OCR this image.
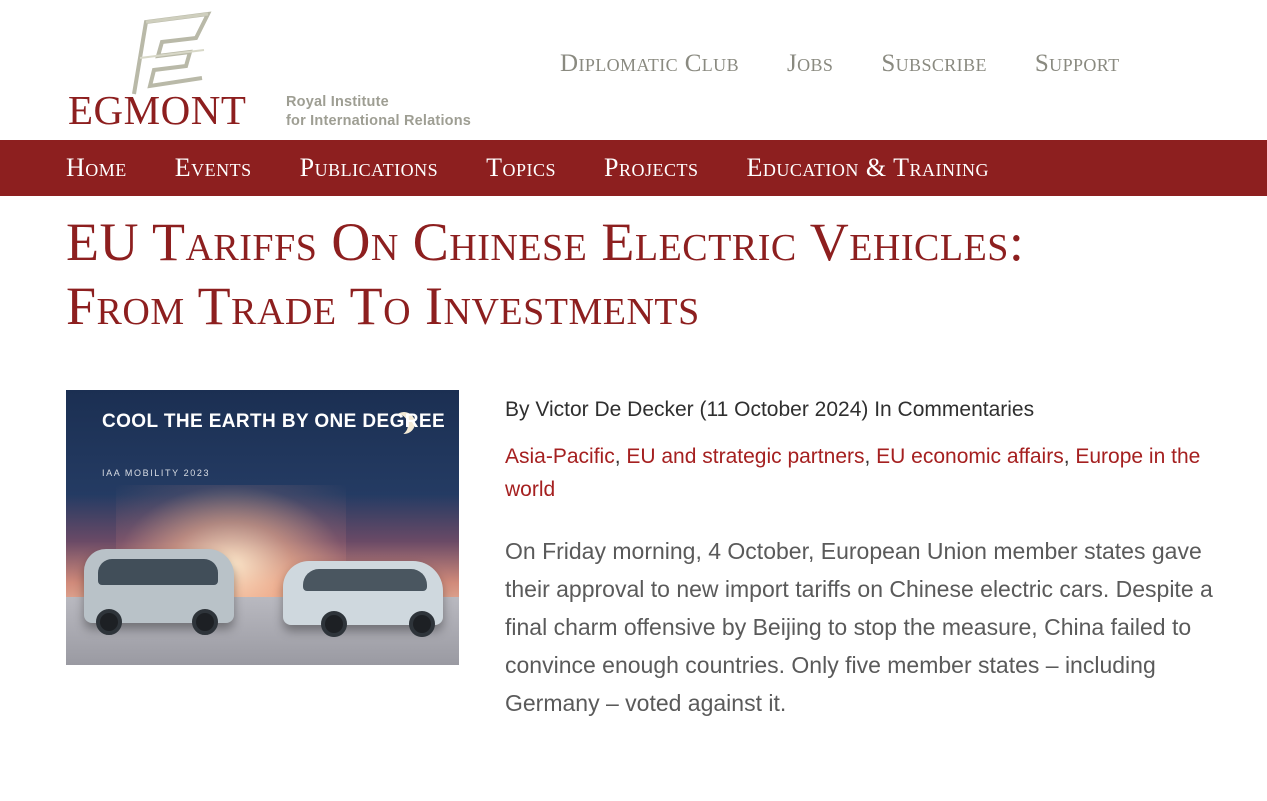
EGMONT	Royal Institute
for International Relations
Diplomatic Club Jobs Subscribe Support
Home Events Publications Topics Projects Education & Training
EU Tariffs On Chinese Electric Vehicles: From Trade To Investments
COOL THE EARTH BY ONE DEGREE
IAA MOBILITY 2023
By Victor De Decker (11 October 2024) In Commentaries
Asia-Pacific, EU and strategic partners, EU economic affairs, Europe in the world

On Friday morning, 4 October, European Union member states gave their approval to new import tariffs on Chinese electric cars. Despite a final charm offensive by Beijing to stop the measure, China failed to convince enough countries. Only five member states – including Germany – voted against it.
